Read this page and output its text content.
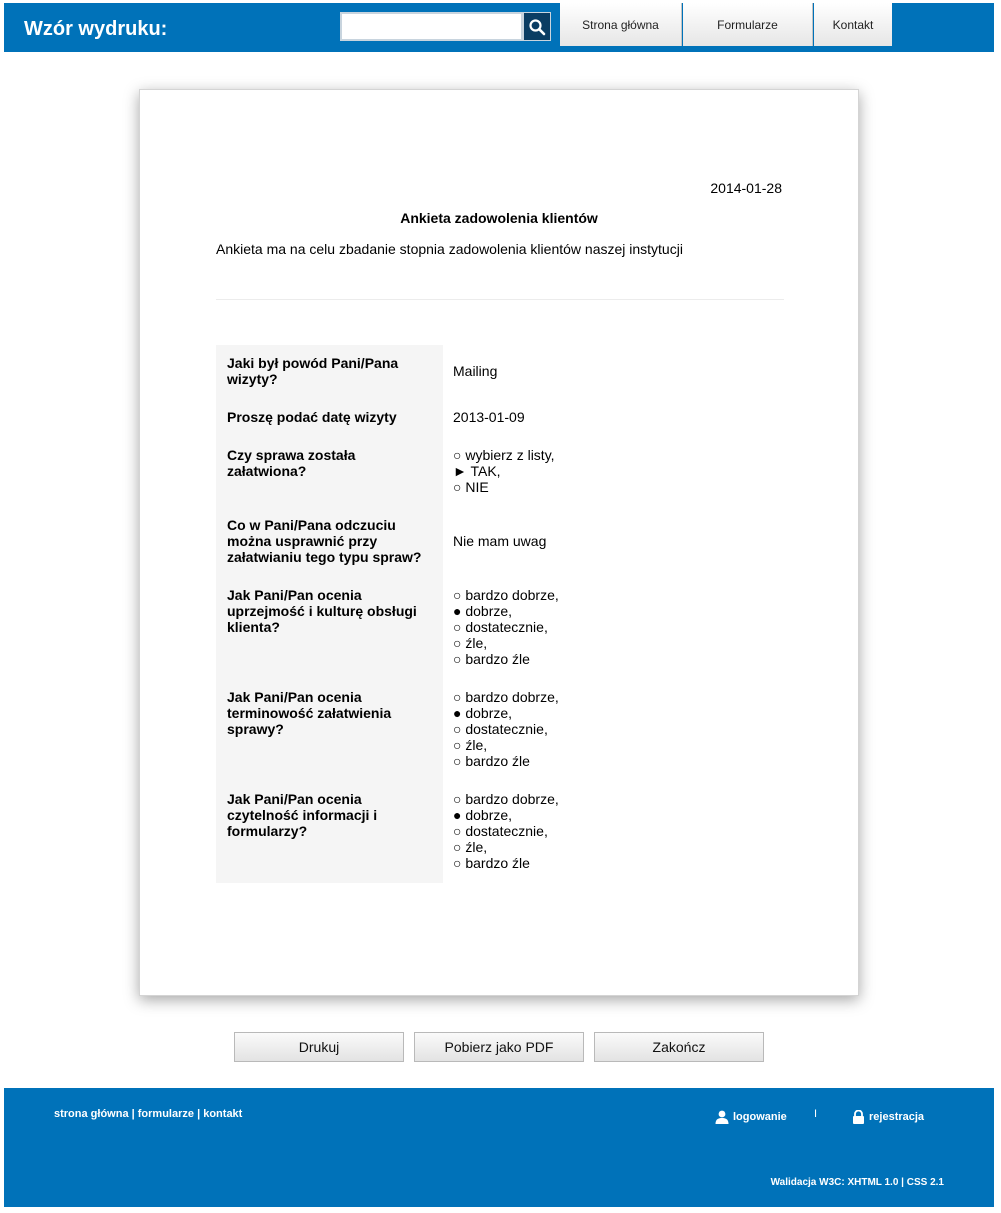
Wzór wydruku:	Strona główna	Formularze	Kontakt
2014-01-28
Ankieta zadowolenia klientów
Ankieta ma na celu zbadanie stopnia zadowolenia klientów naszej instytucji
Jaki był powód Pani/Pana wizyty?	Mailing
Proszę podać datę wizyty	2013-01-09
Czy sprawa została załatwiona?	○ wybierz z listy,
► TAK,
○ NIE

Co w Pani/Pana odczuciu można usprawnić przy załatwianiu tego typu spraw?	Nie mam uwag
Jak Pani/Pan ocenia uprzejmość i kulturę obsługi klienta?	○ bardzo dobrze,
● dobrze,
○ dostatecznie,
○ źle,
○ bardzo źle

Jak Pani/Pan ocenia terminowość załatwienia sprawy?	○ bardzo dobrze,
● dobrze,
○ dostatecznie,
○ źle,
○ bardzo źle

Jak Pani/Pan ocenia czytelność informacji i formularzy?	○ bardzo dobrze,
● dobrze,
○ dostatecznie,
○ źle,
○ bardzo źle
Drukuj	Pobierz jako PDF	Zakończ
strona główna | formularze | kontakt	logowanie I	rejestracja
Walidacja W3C: XHTML 1.0 | CSS 2.1
